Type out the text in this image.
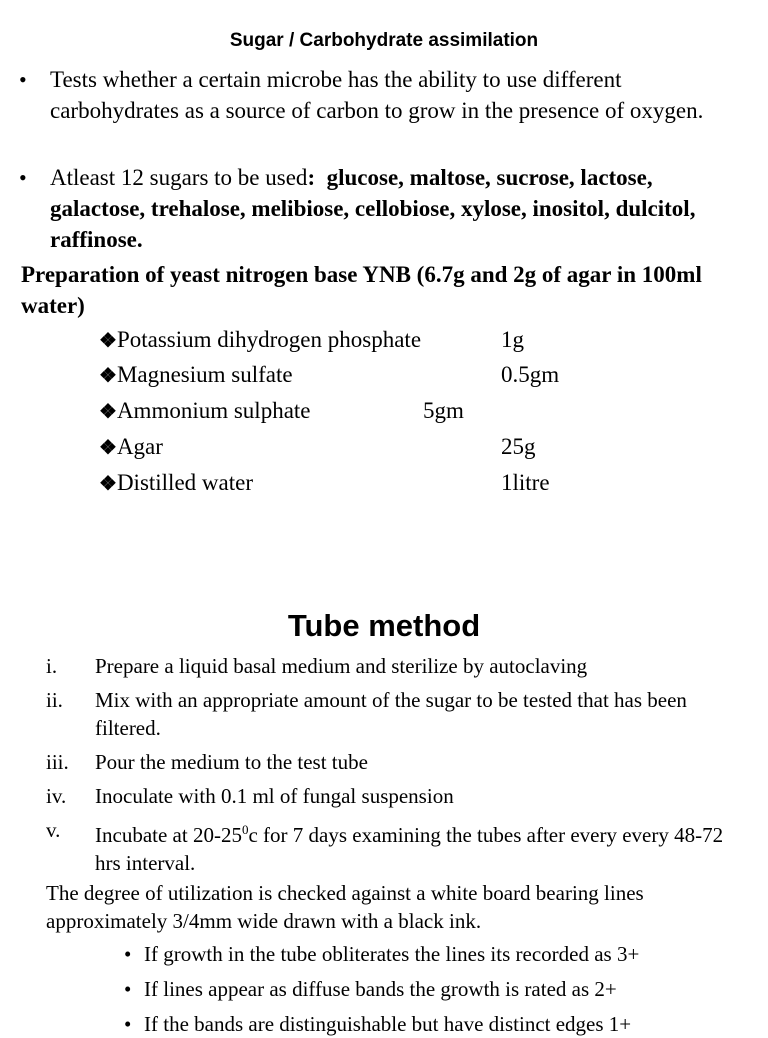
Sugar / Carbohydrate assimilation
• Tests whether a certain microbe has the ability to use different carbohydrates as a source of carbon to grow in the presence of oxygen.
• Atleast 12 sugars to be used:  glucose, maltose, sucrose, lactose, galactose, trehalose, melibiose, cellobiose, xylose, inositol, dulcitol, raffinose.
Preparation of yeast nitrogen base YNB (6.7g and 2g of agar in 100ml water)
❖Potassium dihydrogen phosphate	1g
❖Magnesium sulfate	0.5gm
❖Ammonium sulphate	5gm
❖Agar	25g
❖Distilled water	1litre
Tube method
i. Prepare a liquid basal medium and sterilize by autoclaving
ii. Mix with an appropriate amount of the sugar to be tested that has been filtered.
iii. Pour the medium to the test tube
iv. Inoculate with 0.1 ml of fungal suspension
v. Incubate at $20-25^0c$ for 7 days examining the tubes after every every 48-72 hrs interval.
The degree of utilization is checked against a white board bearing lines approximately 3/4mm wide drawn with a black ink.
• If growth in the tube obliterates the lines its recorded as 3+
• If lines appear as diffuse bands the growth is rated as 2+
• If the bands are distinguishable but have distinct edges 1+
